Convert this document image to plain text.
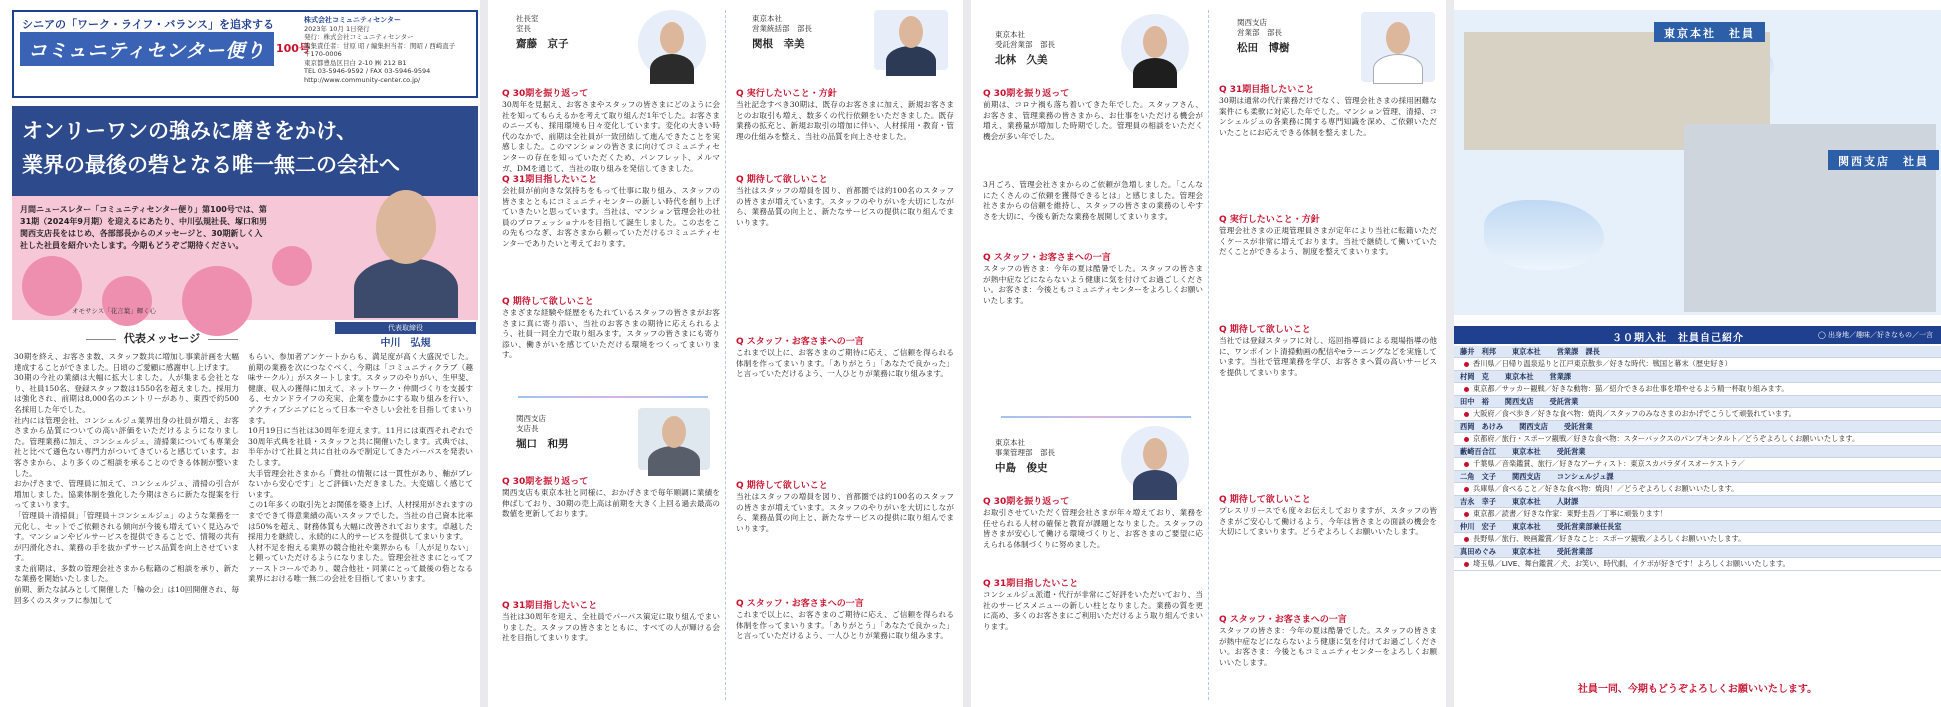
シニアの「ワーク・ライフ・バランス」を追求する
コミュニティセンター便り 100号
株式会社コミュニティセンター
2023年 10月 1日発行
発行：株式会社コミュニティセンター
編集責任者：甘原 昭 / 編集担当者：関昭 / 西崎直子
〒170-0006
東京都豊島区目白 2-10 ㈱ 212 B1
TEL 03-5946-9592 / FAX 03-5946-9594
http://www.community-center.co.jp/
オンリーワンの強みに磨きをかけ、
業界の最後の砦となる唯一無二の会社へ
月間ニュースレター「コミュニティセンター便り」第100号では、第31期（2024年9月期）を迎えるにあたり、中川弘規社長、塚口和男関西支店長をはじめ、各部部長からのメッセージと、30期新しく入社した社員を紹介いたします。今期もどうぞご期待ください。
オモサシス「花言葉」輝く心
代表取締役
中川　弘規
代表メッセージ

30期を終え、お客さま数、スタッフ数共に増加し事業計画を大幅達成することができました。日頃のご愛顧に感謝申し上げます。

30期の今社の業績は大幅に拡大しました。人が集まる会社となり、社員150名、登録スタッフ数は1550名を超えました。採用力は強化され、前期は8,000名のエントリーがあり、東西で約500名採用した年でした。

社内には管理会社、コンシェルジュ業界出身の社員が増え、お客さまから品質についての高い評価をいただけるようになりました。管理業務に加え、コンシェルジュ、清掃業についても専業会社と比べて遜色ない専門力がついてきていると感じています。お客さまから、より多くのご相談を承ることのできる体制が整いました。

おかげさまで、管理員に加えて、コンシェルジュ、清掃の引合が増加しました。協業体制を強化した今期はさらに新たな提案を行ってまいります。

「管理員＋清掃員」「管理員＋コンシェルジュ」のような業務を一元化し、セットでご依頼される傾向が今後も増えていく見込みです。マンションやビルサービスを提供できることで、情報の共有が円滑化され、業務の手を抜かずサービス品質を向上させています。

また前期は、多数の管理会社さまから転籍のご相談を承り、新たな業務を開始いたしました。

前期、新たな試みとして開催した「輪の会」は10回開催され、毎回多くのスタッフに参加して

もらい、参加者アンケートからも、満足度が高く大盛況でした。前期の業務を次につなぐべく、今期は「コミュニティクラブ（趣味サークル）」がスタートします。スタッフのやりがい、生甲斐、健康、収入の獲得に加えて、ネットワーク・仲間づくりを支援する、セカンドライフの充実、企業を豊かにする取り組みを行い、アクティブシニアにとって日本一やさしい会社を目指してまいります。

10月19日に当社は30周年を迎えます。11月には東西それぞれで30周年式典を社員・スタッフと共に開催いたします。式典では、半年かけて社員と共に自社のみで制定してきたパーパスを発表いたします。

大手管理会社さまから「費社の情報には一貫性があり、軸がブレないから安心です」とご評価いただきました。大変嬉しく感じています。

この1年多くの取引先とお関係を築き上げ、人材採用がされますのまでできて得意業績の高いスタッフでした。当社の自己資本比率は50%を超え、財務体質も大幅に改善されております。卓越した採用力を継続し、永続的に人的サービスを提供してまいります。

人材不足を抱える業界の競合他社や業界からも「人が足りない」と頼っていただけるようになりました。管理会社さまにとってファーストコールであり、競合他社・同業にとって最後の砦となる業界における唯一無二の会社を目指してまいります。

社長室
室長
齋藤　京子
Q 30期を振り返って
30周年を見据え、お客さまやスタッフの皆さまにどのように会社を知ってもらえるかを考えて取り組んだ1年でした。お客さまのニーズも、採用環境も日々変化しています。変化の大きい時代のなかで、前期は全社員が一致団結して進んできたことを実感しました。このマンションの皆さまに向けてコミュニティセンターの存在を知っていただくため、パンフレット、メルマガ、DMを通じて、当社の取り組みを発信してきました。
Q 31期目指したいこと
会社員が前向きな気持ちをもって仕事に取り組み、スタッフの皆さまとともにコミュニティセンターの新しい時代を創り上げていきたいと思っています。当社は、マンション管理会社の社員のプロフェッショナルを目指して誕生しました。この志をこの先もつなぎ、お客さまから頼っていただけるコミュニティセンターでありたいと考えております。
Q 期待して欲しいこと
さまざまな経験や経歴をもたれているスタッフの皆さまがお客さまに真に寄り添い、当社のお客さまの期待に応えられるよう、社員一同全力で取り組みます。スタッフの皆さまにも寄り添い、働きがいを感じていただける環境をつくってまいります。
関西支店
支店長
堀口　和男
Q 30期を振り返って
関西支店も東京本社と同様に、おかげさまで毎年順調に業績を伸ばしており、30期の売上高は前期を大きく上回る過去最高の数値を更新しております。
Q 31期目指したいこと
当社は30周年を迎え、全社員でパーパス策定に取り組んでまいりました。スタッフの皆さまとともに、すべての人が輝ける会社を目指してまいります。
東京本社
営業統括部　部長
関根　幸美
Q 実行したいこと・方針
当社記念すべき30期は、既存のお客さまに加え、新規お客さまとのお取引も増え、数多くの代行依頼をいただきました。既存業務の拡充と、新規お取引の増加に伴い、人材採用・教育・管理の仕組みを整え、当社の品質を向上させました。
Q 期待して欲しいこと
当社はスタッフの増員を図り、首都圏では約100名のスタッフの皆さまが増えています。スタッフのやりがいを大切にしながら、業務品質の向上と、新たなサービスの提供に取り組んでまいります。
Q スタッフ・お客さまへの一言
これまで以上に、お客さまのご期待に応え、ご信頼を得られる体制を作ってまいります。「ありがとう」「あなたで良かった」と言っていただけるよう、一人ひとりが業務に取り組みます。
Q 期待して欲しいこと
当社はスタッフの増員を図り、首都圏では約100名のスタッフの皆さまが増えています。スタッフのやりがいを大切にしながら、業務品質の向上と、新たなサービスの提供に取り組んでまいります。
Q スタッフ・お客さまへの一言
これまで以上に、お客さまのご期待に応え、ご信頼を得られる体制を作ってまいります。「ありがとう」「あなたで良かった」と言っていただけるよう、一人ひとりが業務に取り組みます。
東京本社
受託営業部　部長
北林　久美
Q 30期を振り返って
前期は、コロナ禍も落ち着いてきた年でした。スタッフさん、お客さま、管理業務の皆さまから、お仕事をいただける機会が増え、業務量が増加した時期でした。管理員の相談をいただく機会が多い年でした。
3月ごろ、管理会社さまからのご依頼が急増しました。「こんなにたくさんのご依頼を獲得できるとは」と感じました。管理会社さまからの信頼を維持し、スタッフの皆さまの業務のしやすさを大切に、今後も新たな業務を展開してまいります。
Q スタッフ・お客さまへの一言
スタッフの皆さま：今年の夏は酷暑でした。スタッフの皆さまが熱中症などにならないよう健康に気を付けてお過ごしください。お客さま：今後ともコミュニティセンターをよろしくお願いいたします。
東京本社
事業管理部　部長
中島　俊史
Q 30期を振り返って
お取引させていただく管理会社さまが年々増えており、業務を任せられる人材の確保と教育が課題となりました。スタッフの皆さまが安心して働ける環境づくりと、お客さまのご要望に応えられる体制づくりに努めました。
Q 31期目指したいこと
コンシェルジュ派遣・代行が非常にご好評をいただいており、当社のサービスメニューの新しい柱となりました。業務の質を更に高め、多くのお客さまにご利用いただけるよう取り組んでまいります。
関西支店
営業部　部長
松田　博樹
Q 31期目指したいこと
30期は通常の代行業務だけでなく、管理会社さまの採用困難な案件にも柔軟に対応した年でした。マンション管理、清掃、コンシェルジュの各業務に関する専門知識を深め、ご依頼いただいたことにお応えできる体制を整えました。
Q 実行したいこと・方針
管理会社さまの正規管理員さまが定年により当社に転籍いただくケースが非常に増えております。当社で継続して働いていただくことができるよう、制度を整えてまいります。
Q 期待して欲しいこと
当社では登録スタッフに対し、巡回指導員による現場指導の他に、ワンポイント清掃動画の配信やeラーニングなどを実施しています。当社で管理業務を学び、お客さまへ質の高いサービスを提供してまいります。
Q 期待して欲しいこと
プレスリリースでも度々お伝えしておりますが、スタッフの皆さまがご安心して働けるよう、今年は皆さまとの面談の機会を大切にしてまいります。どうぞよろしくお願いいたします。
Q スタッフ・お客さまへの一言
スタッフの皆さま：今年の夏は酷暑でした。スタッフの皆さまが熱中症などにならないよう健康に気を付けてお過ごしください。お客さま：今後ともコミュニティセンターをよろしくお願いいたします。
東京本社　社員
関西支店　社員
３０期入社　社員自己紹介	◯ 出身地／趣味／好きなもの／一言
藤井　利邦 東京本社 営業課　課長
香川県／日帰り温泉巡りと江戸東京散歩／好きな時代：戦国と幕末（歴史好き）
村岡　克 東京本社 営業課
東京都／サッカー観戦／好きな動物：猫／紹介できるお仕事を増やせるよう精一杯取り組みます。
田中　裕 関西支店 受託営業
大阪府／食べ歩き／好きな食べ物：焼肉／スタッフのみなさまのおかげでこうして頑張れています。
西岡　あけみ 関西支店 受託営業
京都府／旅行・スポーツ観戦／好きな食べ物：スターバックスのパンプキンタルト／どうぞよろしくお願いいたします。
藪崎百合江 東京本社 受託営業
千葉県／音楽鑑賞、旅行／好きなアーティスト：東京スカパラダイスオーケストラ／
二角　文子 関西支店 コンシェルジュ課
兵庫県／食べること／好きな食べ物：焼肉！／どうぞよろしくお願いいたします。
吉永　幸子 東京本社 人財課
東京都／読書／好きな作家：東野圭吾／丁寧に頑張ります！
仲川　宏子 東京本社 受託営業部兼任長室
長野県／旅行、映画鑑賞／好きなこと：スポーツ観戦／よろしくお願いいたします。
真田めぐみ 東京本社 受託営業部
埼玉県／LIVE、舞台鑑賞／犬、お笑い、時代劇、イケボが好きです！よろしくお願いいたします。
社員一同、今期もどうぞよろしくお願いいたします。
